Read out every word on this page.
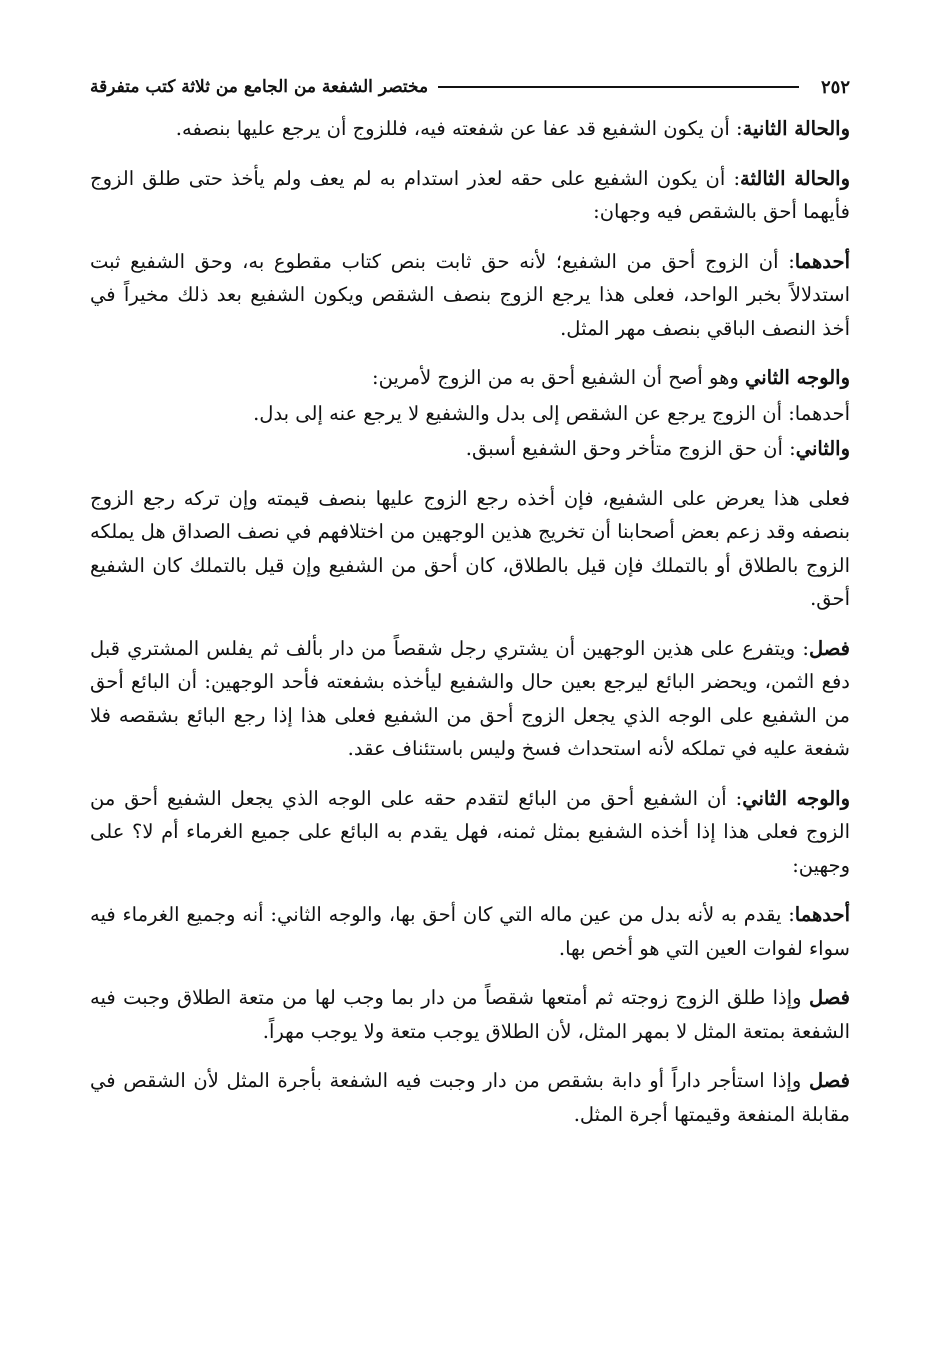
٢٥٢
مختصر الشفعة من الجامع من ثلاثة كتب متفرقة

والحالة الثانية: أن يكون الشفيع قد عفا عن شفعته فيه، فللزوج أن يرجع عليها بنصفه.

والحالة الثالثة: أن يكون الشفيع على حقه لعذر استدام به لم يعف ولم يأخذ حتى طلق الزوج فأيهما أحق بالشقص فيه وجهان:

أحدهما: أن الزوج أحق من الشفيع؛ لأنه حق ثابت بنص كتاب مقطوع به، وحق الشفيع ثبت استدلالاً بخبر الواحد، فعلى هذا يرجع الزوج بنصف الشقص ويكون الشفيع بعد ذلك مخيراً في أخذ النصف الباقي بنصف مهر المثل.

والوجه الثاني وهو أصح أن الشفيع أحق به من الزوج لأمرين:

أحدهما: أن الزوج يرجع عن الشقص إلى بدل والشفيع لا يرجع عنه إلى بدل.

والثاني: أن حق الزوج متأخر وحق الشفيع أسبق.

فعلى هذا يعرض على الشفيع، فإن أخذه رجع الزوج عليها بنصف قيمته وإن تركه رجع الزوج بنصفه وقد زعم بعض أصحابنا أن تخريج هذين الوجهين من اختلافهم في نصف الصداق هل يملكه الزوج بالطلاق أو بالتملك فإن قيل بالطلاق، كان أحق من الشفيع وإن قيل بالتملك كان الشفيع أحق.

فصل: ويتفرع على هذين الوجهين أن يشتري رجل شقصاً من دار بألف ثم يفلس المشتري قبل دفع الثمن، ويحضر البائع ليرجع بعين حال والشفيع ليأخذه بشفعته فأحد الوجهين: أن البائع أحق من الشفيع على الوجه الذي يجعل الزوج أحق من الشفيع فعلى هذا إذا رجع البائع بشقصه فلا شفعة عليه في تملكه لأنه استحداث فسخ وليس باستئناف عقد.

والوجه الثاني: أن الشفيع أحق من البائع لتقدم حقه على الوجه الذي يجعل الشفيع أحق من الزوج فعلى هذا إذا أخذه الشفيع بمثل ثمنه، فهل يقدم به البائع على جميع الغرماء أم لا؟ على وجهين:

أحدهما: يقدم به لأنه بدل من عين ماله التي كان أحق بها، والوجه الثاني: أنه وجميع الغرماء فيه سواء لفوات العين التي هو أخص بها.

فصل وإذا طلق الزوج زوجته ثم أمتعها شقصاً من دار بما وجب لها من متعة الطلاق وجبت فيه الشفعة بمتعة المثل لا بمهر المثل، لأن الطلاق يوجب متعة ولا يوجب مهراً.

فصل وإذا استأجر داراً أو دابة بشقص من دار وجبت فيه الشفعة بأجرة المثل لأن الشقص في مقابلة المنفعة وقيمتها أجرة المثل.
